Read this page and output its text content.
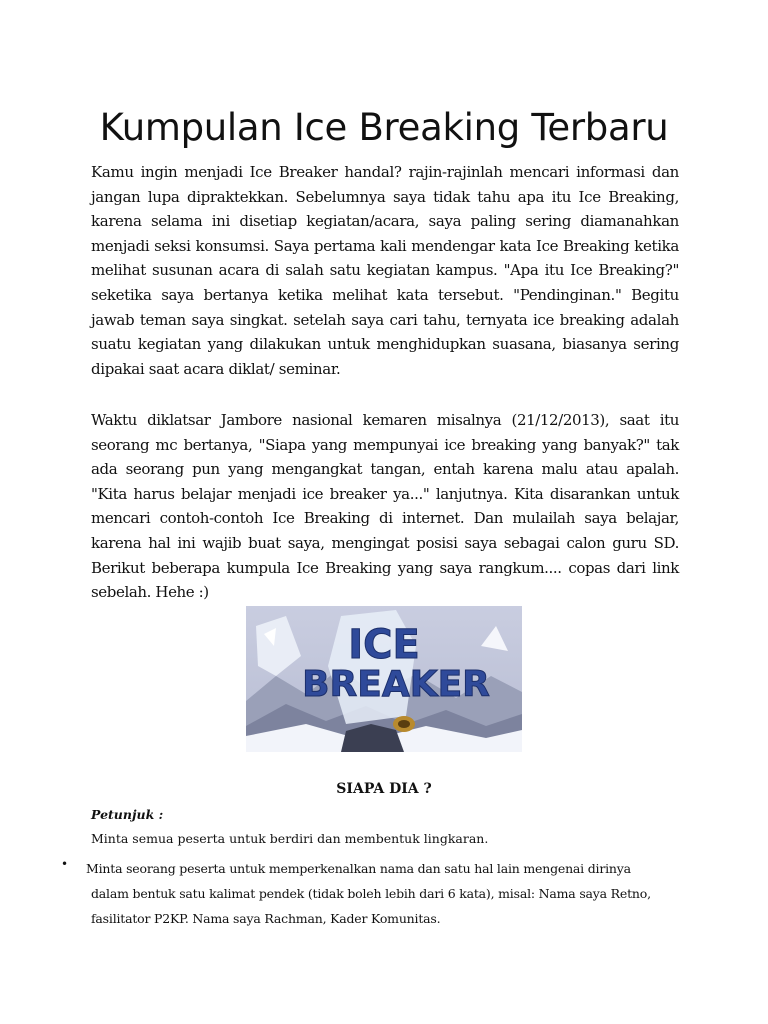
Kumpulan Ice Breaking Terbaru

Kamu ingin menjadi Ice Breaker handal? rajin-rajinlah mencari informasi dan jangan lupa dipraktekkan. Sebelumnya saya tidak tahu apa itu Ice Breaking, karena selama ini disetiap kegiatan/acara, saya paling sering diamanahkan menjadi seksi konsumsi. Saya pertama kali mendengar kata Ice Breaking ketika melihat susunan acara di salah satu kegiatan kampus. "Apa itu Ice Breaking?" seketika saya bertanya ketika melihat kata tersebut. "Pendinginan." Begitu jawab teman saya singkat. setelah saya cari tahu, ternyata ice breaking adalah suatu kegiatan yang dilakukan untuk menghidupkan suasana, biasanya sering dipakai saat acara diklat/ seminar.

Waktu diklatsar Jambore nasional kemaren misalnya (21/12/2013), saat itu seorang mc bertanya, "Siapa yang mempunyai ice breaking yang banyak?" tak ada seorang pun yang mengangkat tangan, entah karena malu atau apalah. "Kita harus belajar menjadi ice breaker ya..." lanjutnya. Kita disarankan untuk mencari contoh-contoh Ice Breaking di internet. Dan mulailah saya belajar, karena hal ini wajib buat saya, mengingat posisi saya sebagai calon guru SD. Berikut beberapa kumpula Ice Breaking yang saya rangkum.... copas dari link sebelah. Hehe :)

ICE
BREAKER
SIAPA DIA ?
Petunjuk :
Minta semua peserta untuk berdiri dan membentuk lingkaran.
• Minta seorang peserta untuk memperkenalkan nama dan satu hal lain mengenai dirinya
dalam bentuk satu kalimat pendek (tidak boleh lebih dari 6 kata), misal: Nama saya Retno,
fasilitator P2KP. Nama saya Rachman, Kader Komunitas.
